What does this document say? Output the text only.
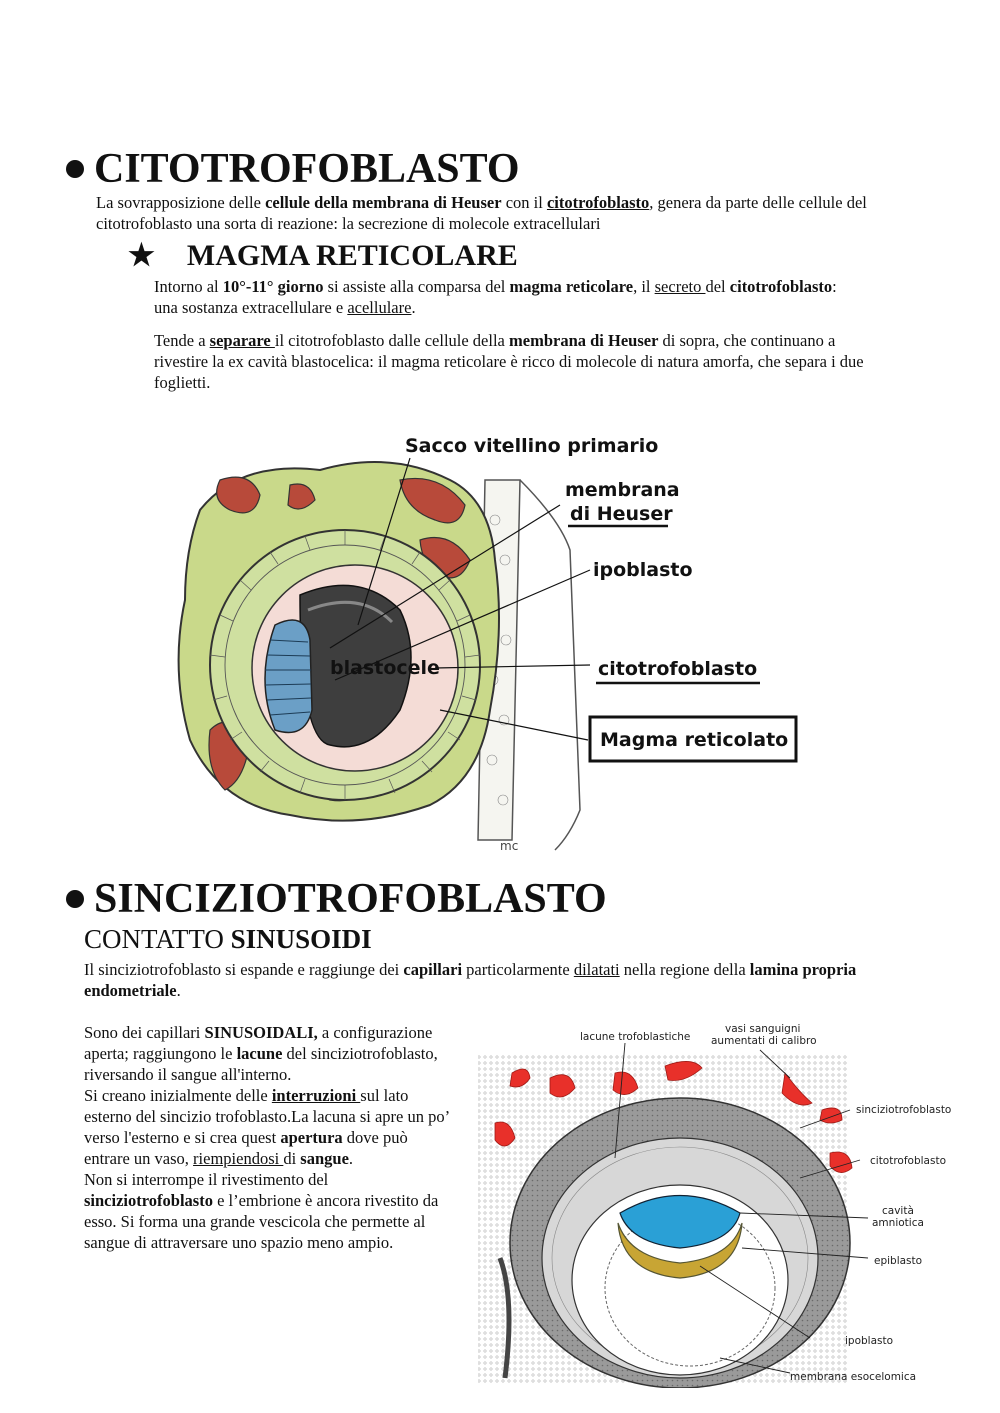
CITOTROFOBLASTO
La sovrapposizione delle cellule della membrana di Heuser con il citotrofoblasto, genera da parte delle cellule del citotrofoblasto una sorta di reazione: la secrezione di molecole extracellulari
★ MAGMA RETICOLARE
Intorno al 10°-11° giorno si assiste alla comparsa del magma reticolare, il secreto del citotrofoblasto: una sostanza extracellulare e acellulare.
Tende a separare il citotrofoblasto dalle cellule della membrana di Heuser di sopra, che continuano a rivestire la ex cavità blastocelica: il magma reticolare è ricco di molecole di natura amorfa, che separa i due foglietti.
Sacco vitellino primario
membrana
di Heuser
ipoblasto
blastocele	citotrofoblasto
Magma reticolato
mc
SINCIZIOTROFOBLASTO
CONTATTO SINUSOIDI
Il sinciziotrofoblasto si espande e raggiunge dei capillari particolarmente dilatati nella regione della lamina propria endometriale.
Sono dei capillari SINUSOIDALI, a configurazione aperta; raggiungono le lacune del sinciziotrofoblasto, riversando il sangue all'interno.
Si creano inizialmente delle interruzioni sul lato esterno del sincizio trofoblasto.La lacuna si apre un po’ verso l'esterno e si crea quest apertura dove può entrare un vaso, riempiendosi di sangue.
Non si interrompe il rivestimento del sinciziotrofoblasto e l’embrione è ancora rivestito da esso. Si forma una grande vescicola che permette al sangue di attraversare uno spazio meno ampio.
lacune trofoblastiche
vasi sanguigni
aumentati di calibro
sinciziotrofoblasto
citotrofoblasto
cavità
amniotica
epiblasto
ipoblasto
membrana esocelomica
